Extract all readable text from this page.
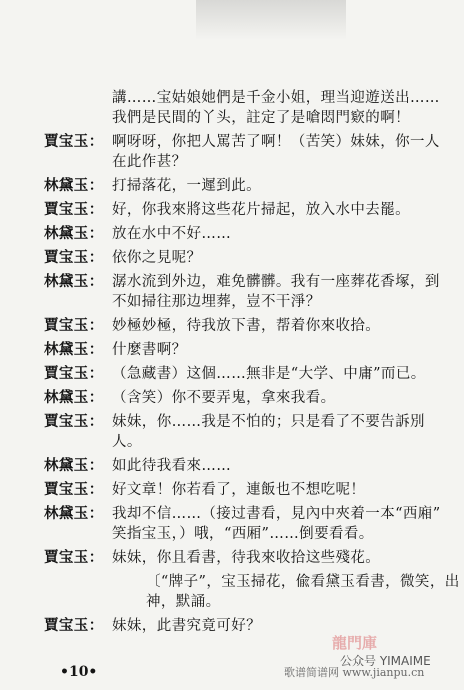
講……宝姑娘她們是千金小姐，理当迎遊送出……
我們是民間的丫头，註定了是嗆悶門窽的啊！
賈宝玉： 啊呀呀，你把人罵苦了啊！（苦笑）妹妹，你一人
在此作甚？
林黛玉： 打掃落花，一遲到此。
賈宝玉： 好，你我來將这些花片掃起，放入水中去罷。
林黛玉： 放在水中不好……
賈宝玉： 依你之見呢？
林黛玉： 潺水流到外边，难免髒髒。我有一座葬花香塚，到
不如掃往那边埋葬，豈不干淨？
賈宝玉： 妙極妙極，待我放下書，帮着你來收拾。
林黛玉： 什麼書啊？
賈宝玉： （急藏書）这個……無非是“大学、中庸”而已。
林黛玉： （含笑）你不要弄鬼，拿來我看。
賈宝玉： 妹妹，你……我是不怕的；只是看了不要告訴別
人。
林黛玉： 如此待我看來……
賈宝玉： 好文章！你若看了，連飯也不想吃呢！
林黛玉： 我却不信……（接过書看，見內中夾着一本“西廂”
笑指宝玉，）哦，“西厢”……倒要看看。
賈宝玉： 妹妹，你且看書，待我來收拾这些殘花。
〔“牌子”，宝玉掃花，偸看黛玉看書，微笑，出
神，默誦。
賈宝玉： 妹妹，此書究竟可好？
龍門庫
公众号 YIMAIME
•10•	歌谱简谱网 www.jianpu.cn
